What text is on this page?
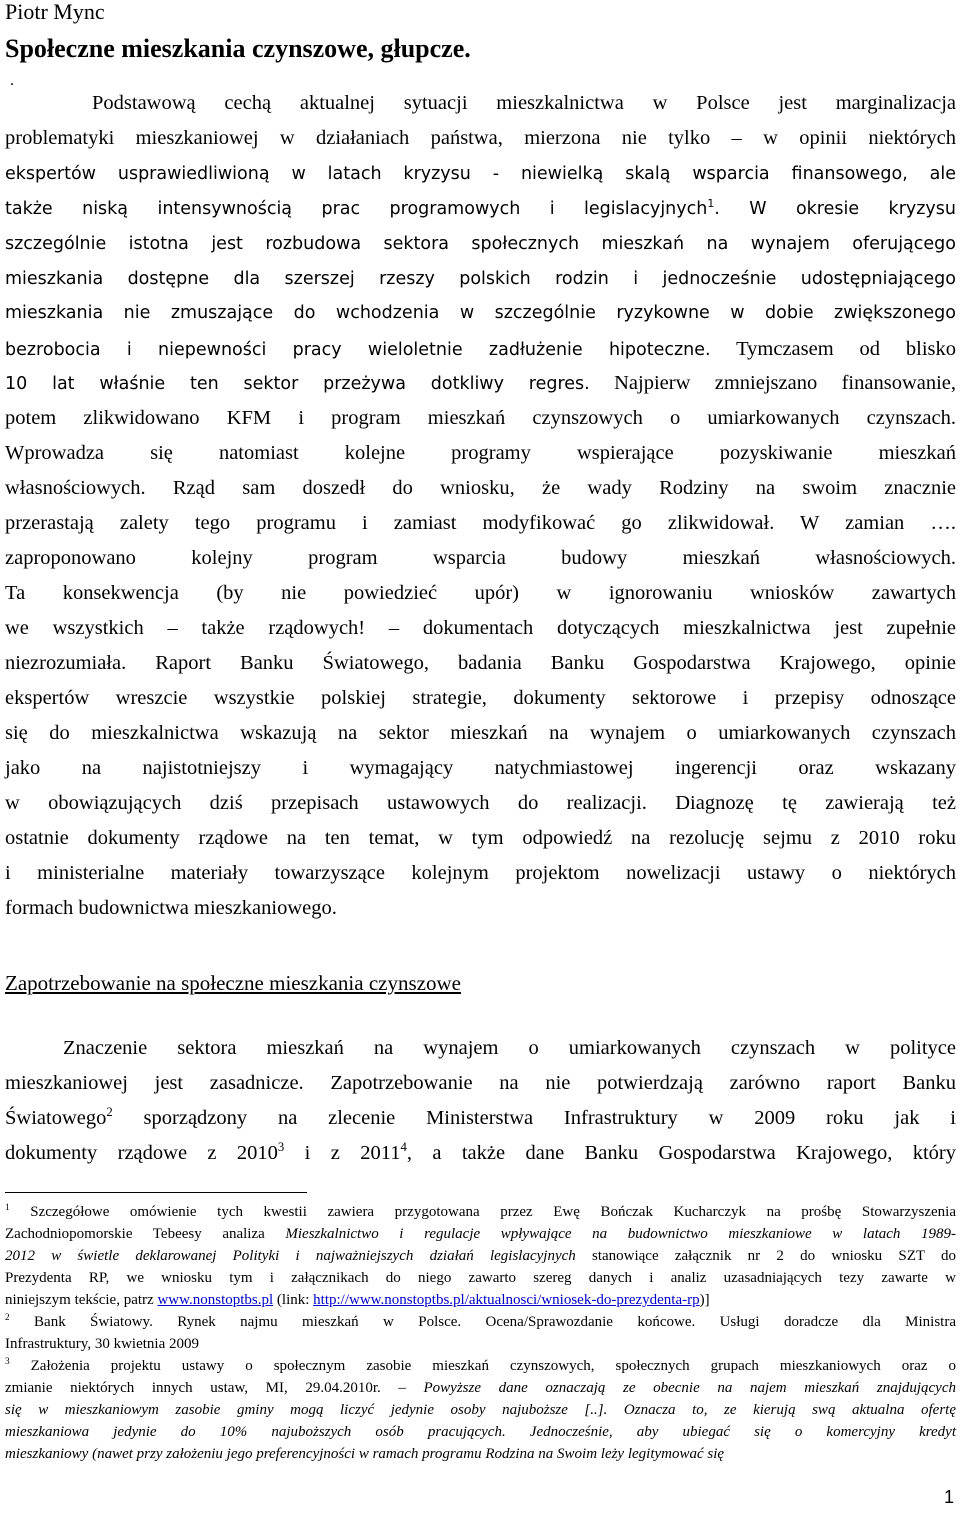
Piotr Mync
Społeczne mieszkania czynszowe, głupcze.
.
Podstawową cechą aktualnej sytuacji mieszkalnictwa w Polsce jest marginalizacja
problematyki mieszkaniowej w działaniach państwa, mierzona nie tylko – w opinii niektórych
ekspertów usprawiedliwioną w latach kryzysu - niewielką skalą wsparcia finansowego, ale
także niską intensywnością prac programowych i legislacyjnych$^1$. W okresie kryzysu
szczególnie istotna jest rozbudowa sektora społecznych mieszkań na wynajem oferującego
mieszkania dostępne dla szerszej rzeszy polskich rodzin i jednocześnie udostępniającego
mieszkania nie zmuszające do wchodzenia w szczególnie ryzykowne w dobie zwiększonego
bezrobocia i niepewności pracy wieloletnie zadłużenie hipoteczne. Tymczasem od blisko
10 lat właśnie ten sektor przeżywa dotkliwy regres. Najpierw zmniejszano finansowanie,
potem zlikwidowano KFM i program mieszkań czynszowych o umiarkowanych czynszach.
Wprowadza się natomiast kolejne programy wspierające pozyskiwanie mieszkań
własnościowych. Rząd sam doszedł do wniosku, że wady Rodziny na swoim znacznie
przerastają zalety tego programu i zamiast modyfikować go zlikwidował. W zamian ….
zaproponowano kolejny program wsparcia budowy mieszkań własnościowych.
Ta konsekwencja (by nie powiedzieć upór) w ignorowaniu wniosków zawartych
we wszystkich – także rządowych! – dokumentach dotyczących mieszkalnictwa jest zupełnie
niezrozumiała. Raport Banku Światowego, badania Banku Gospodarstwa Krajowego, opinie
ekspertów wreszcie wszystkie polskiej strategie, dokumenty sektorowe i przepisy odnoszące
się do mieszkalnictwa wskazują na sektor mieszkań na wynajem o umiarkowanych czynszach
jako na najistotniejszy i wymagający natychmiastowej ingerencji oraz wskazany
w obowiązujących dziś przepisach ustawowych do realizacji. Diagnozę tę zawierają też
ostatnie dokumenty rządowe na ten temat, w tym odpowiedź na rezolucję sejmu z 2010 roku
i ministerialne materiały towarzyszące kolejnym projektom nowelizacji ustawy o niektórych
formach budownictwa mieszkaniowego.
Zapotrzebowanie na społeczne mieszkania czynszowe
Znaczenie sektora mieszkań na wynajem o umiarkowanych czynszach w polityce
mieszkaniowej jest zasadnicze. Zapotrzebowanie na nie potwierdzają zarówno raport Banku
Światowego$^2$ sporządzony na zlecenie Ministerstwa Infrastruktury w 2009 roku jak i
dokumenty rządowe z 2010$^3$ i z 2011$^4$, a także dane Banku Gospodarstwa Krajowego, który
$^1$ Szczegółowe omówienie tych kwestii zawiera przygotowana przez Ewę Bończak Kucharczyk na prośbę Stowarzyszenia
Zachodniopomorskie Tebeesy analiza Mieszkalnictwo i regulacje wpływające na budownictwo mieszkaniowe w latach 1989-
2012 w świetle deklarowanej Polityki i najważniejszych działań legislacyjnych stanowiące załącznik nr 2 do wniosku SZT do
Prezydenta RP, we wniosku tym i załącznikach do niego zawarto szereg danych i analiz uzasadniających tezy zawarte w
niniejszym tekście, patrz www.nonstoptbs.pl (link: http://www.nonstoptbs.pl/aktualnosci/wniosek-do-prezydenta-rp)]
$^2$ Bank Światowy. Rynek najmu mieszkań w Polsce. Ocena/Sprawozdanie końcowe. Usługi doradcze dla Ministra
Infrastruktury, 30 kwietnia 2009
$^3$ Założenia projektu ustawy o społecznym zasobie mieszkań czynszowych, społecznych grupach mieszkaniowych oraz o
zmianie niektórych innych ustaw, MI, 29.04.2010r. – Powyższe dane oznaczają ze obecnie na najem mieszkań znajdujących
się w mieszkaniowym zasobie gminy mogą liczyć jedynie osoby najuboższe [..]. Oznacza to, ze kierują swą aktualna ofertę
mieszkaniowa jedynie do 10% najuboższych osób pracujących. Jednocześnie, aby ubiegać się o komercyjny kredyt
mieszkaniowy (nawet przy założeniu jego preferencyjności w ramach programu Rodzina na Swoim leży legitymować się
1
